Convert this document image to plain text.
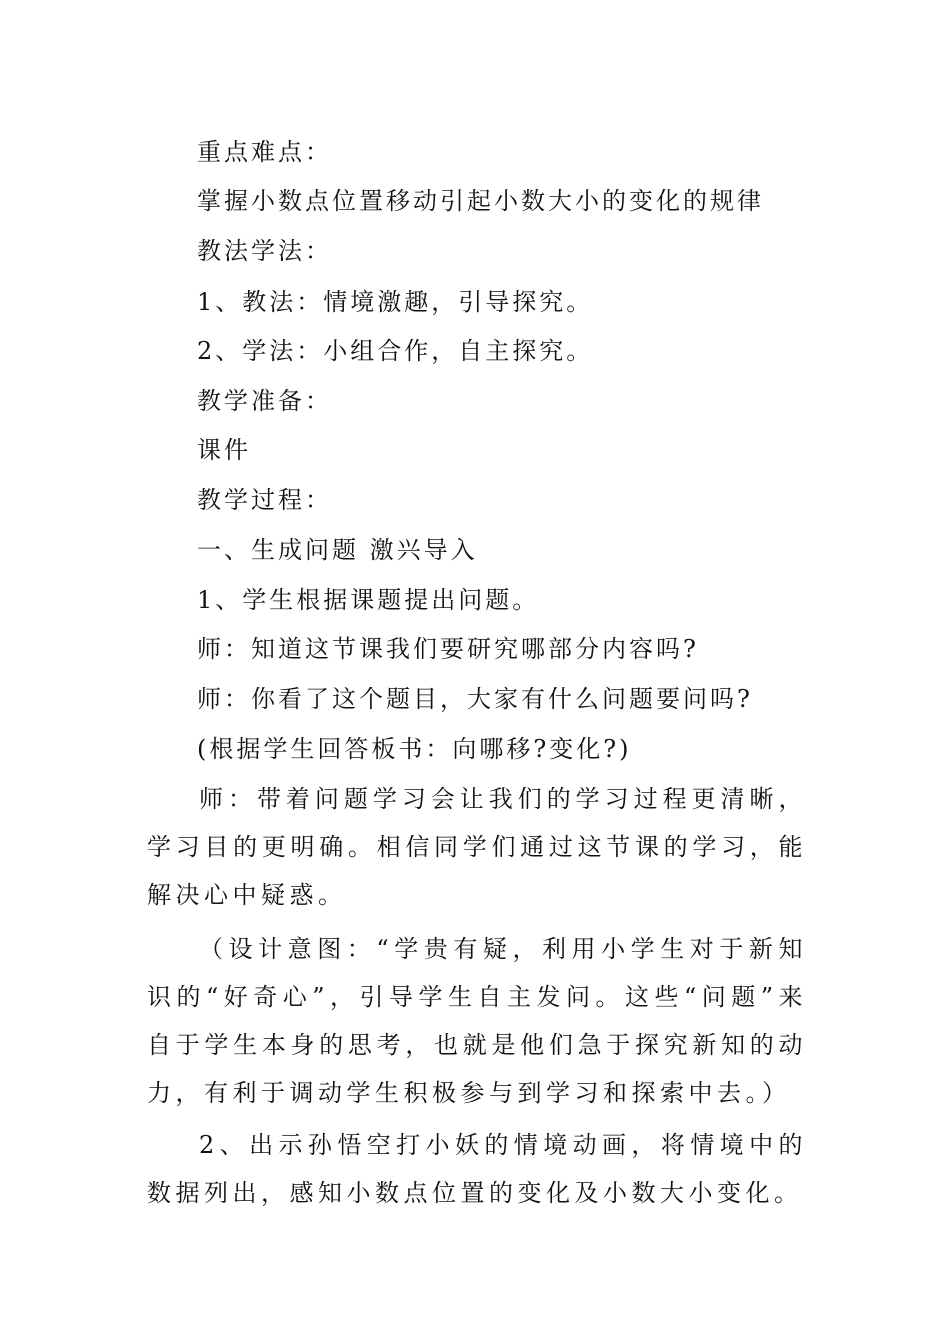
重点难点：

掌握小数点位置移动引起小数大小的变化的规律

教法学法：

1、教法：情境激趣，引导探究。

2、学法：小组合作，自主探究。

教学准备：

课件

教学过程：

一、生成问题 激兴导入

1、学生根据课题提出问题。

师：知道这节课我们要研究哪部分内容吗?

师：你看了这个题目，大家有什么问题要问吗?

(根据学生回答板书：向哪移?变化?)

师：带着问题学习会让我们的学习过程更清晰，学习目的更明确。相信同学们通过这节课的学习，能解决心中疑惑。

（设计意图：“学贵有疑，利用小学生对于新知识的“好奇心”，引导学生自主发问。这些“问题”来自于学生本身的思考，也就是他们急于探究新知的动力，有利于调动学生积极参与到学习和探索中去。）

2、出示孙悟空打小妖的情境动画，将情境中的数据列出，感知小数点位置的变化及小数大小变化。
